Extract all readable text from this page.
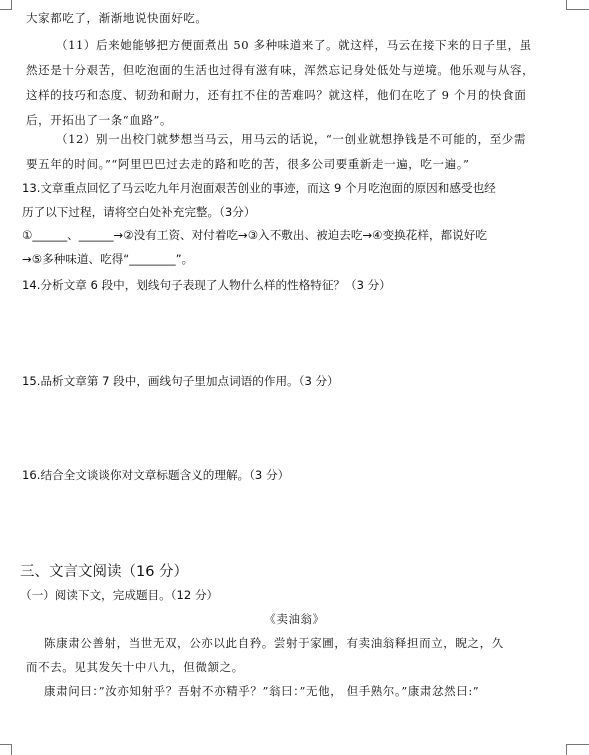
大家都吃了，渐渐地说快面好吃。
（11）后来她能够把方便面煮出 50 多种味道来了。就这样，马云在接下来的日子里，虽
然还是十分艰苦，但吃泡面的生活也过得有滋有味，浑然忘记身处低处与逆境。他乐观与从容，
这样的技巧和态度、韧劲和耐力，还有扛不住的苦难吗？就这样，他们在吃了 9 个月的快食面
后，开拓出了一条“血路”。
（12）别一出校门就梦想当马云，用马云的话说，“一创业就想挣钱是不可能的，至少需
要五年的时间。”“阿里巴巴过去走的路和吃的苦，很多公司要重新走一遍，吃一遍。”
13.文章重点回忆了马云吃九年月泡面艰苦创业的事迹，而这 9 个月吃泡面的原因和感受也经
历了以下过程，请将空白处补充完整。（3分）
①______、______→②没有工资、对付着吃→③入不敷出、被迫去吃→④变换花样，都说好吃
→⑤多种味道、吃得“________”。
14.分析文章 6 段中，划线句子表现了人物什么样的性格特征？（3 分）
15.品析文章第 7 段中，画线句子里加点词语的作用。（3 分）
16.结合全文谈谈你对文章标题含义的理解。（3 分）
三、文言文阅读（16 分）
（一）阅读下文，完成题目。（12 分）
《卖油翁》
陈康肃公善射，当世无双，公亦以此自矜。尝射于家圃，有卖油翁释担而立，睨之，久
而不去。见其发矢十中八九，但微颔之。
康肃问曰：”汝亦知射乎？吾射不亦精乎？”翁曰：”无他， 但手熟尔。”康肃忿然曰:”
